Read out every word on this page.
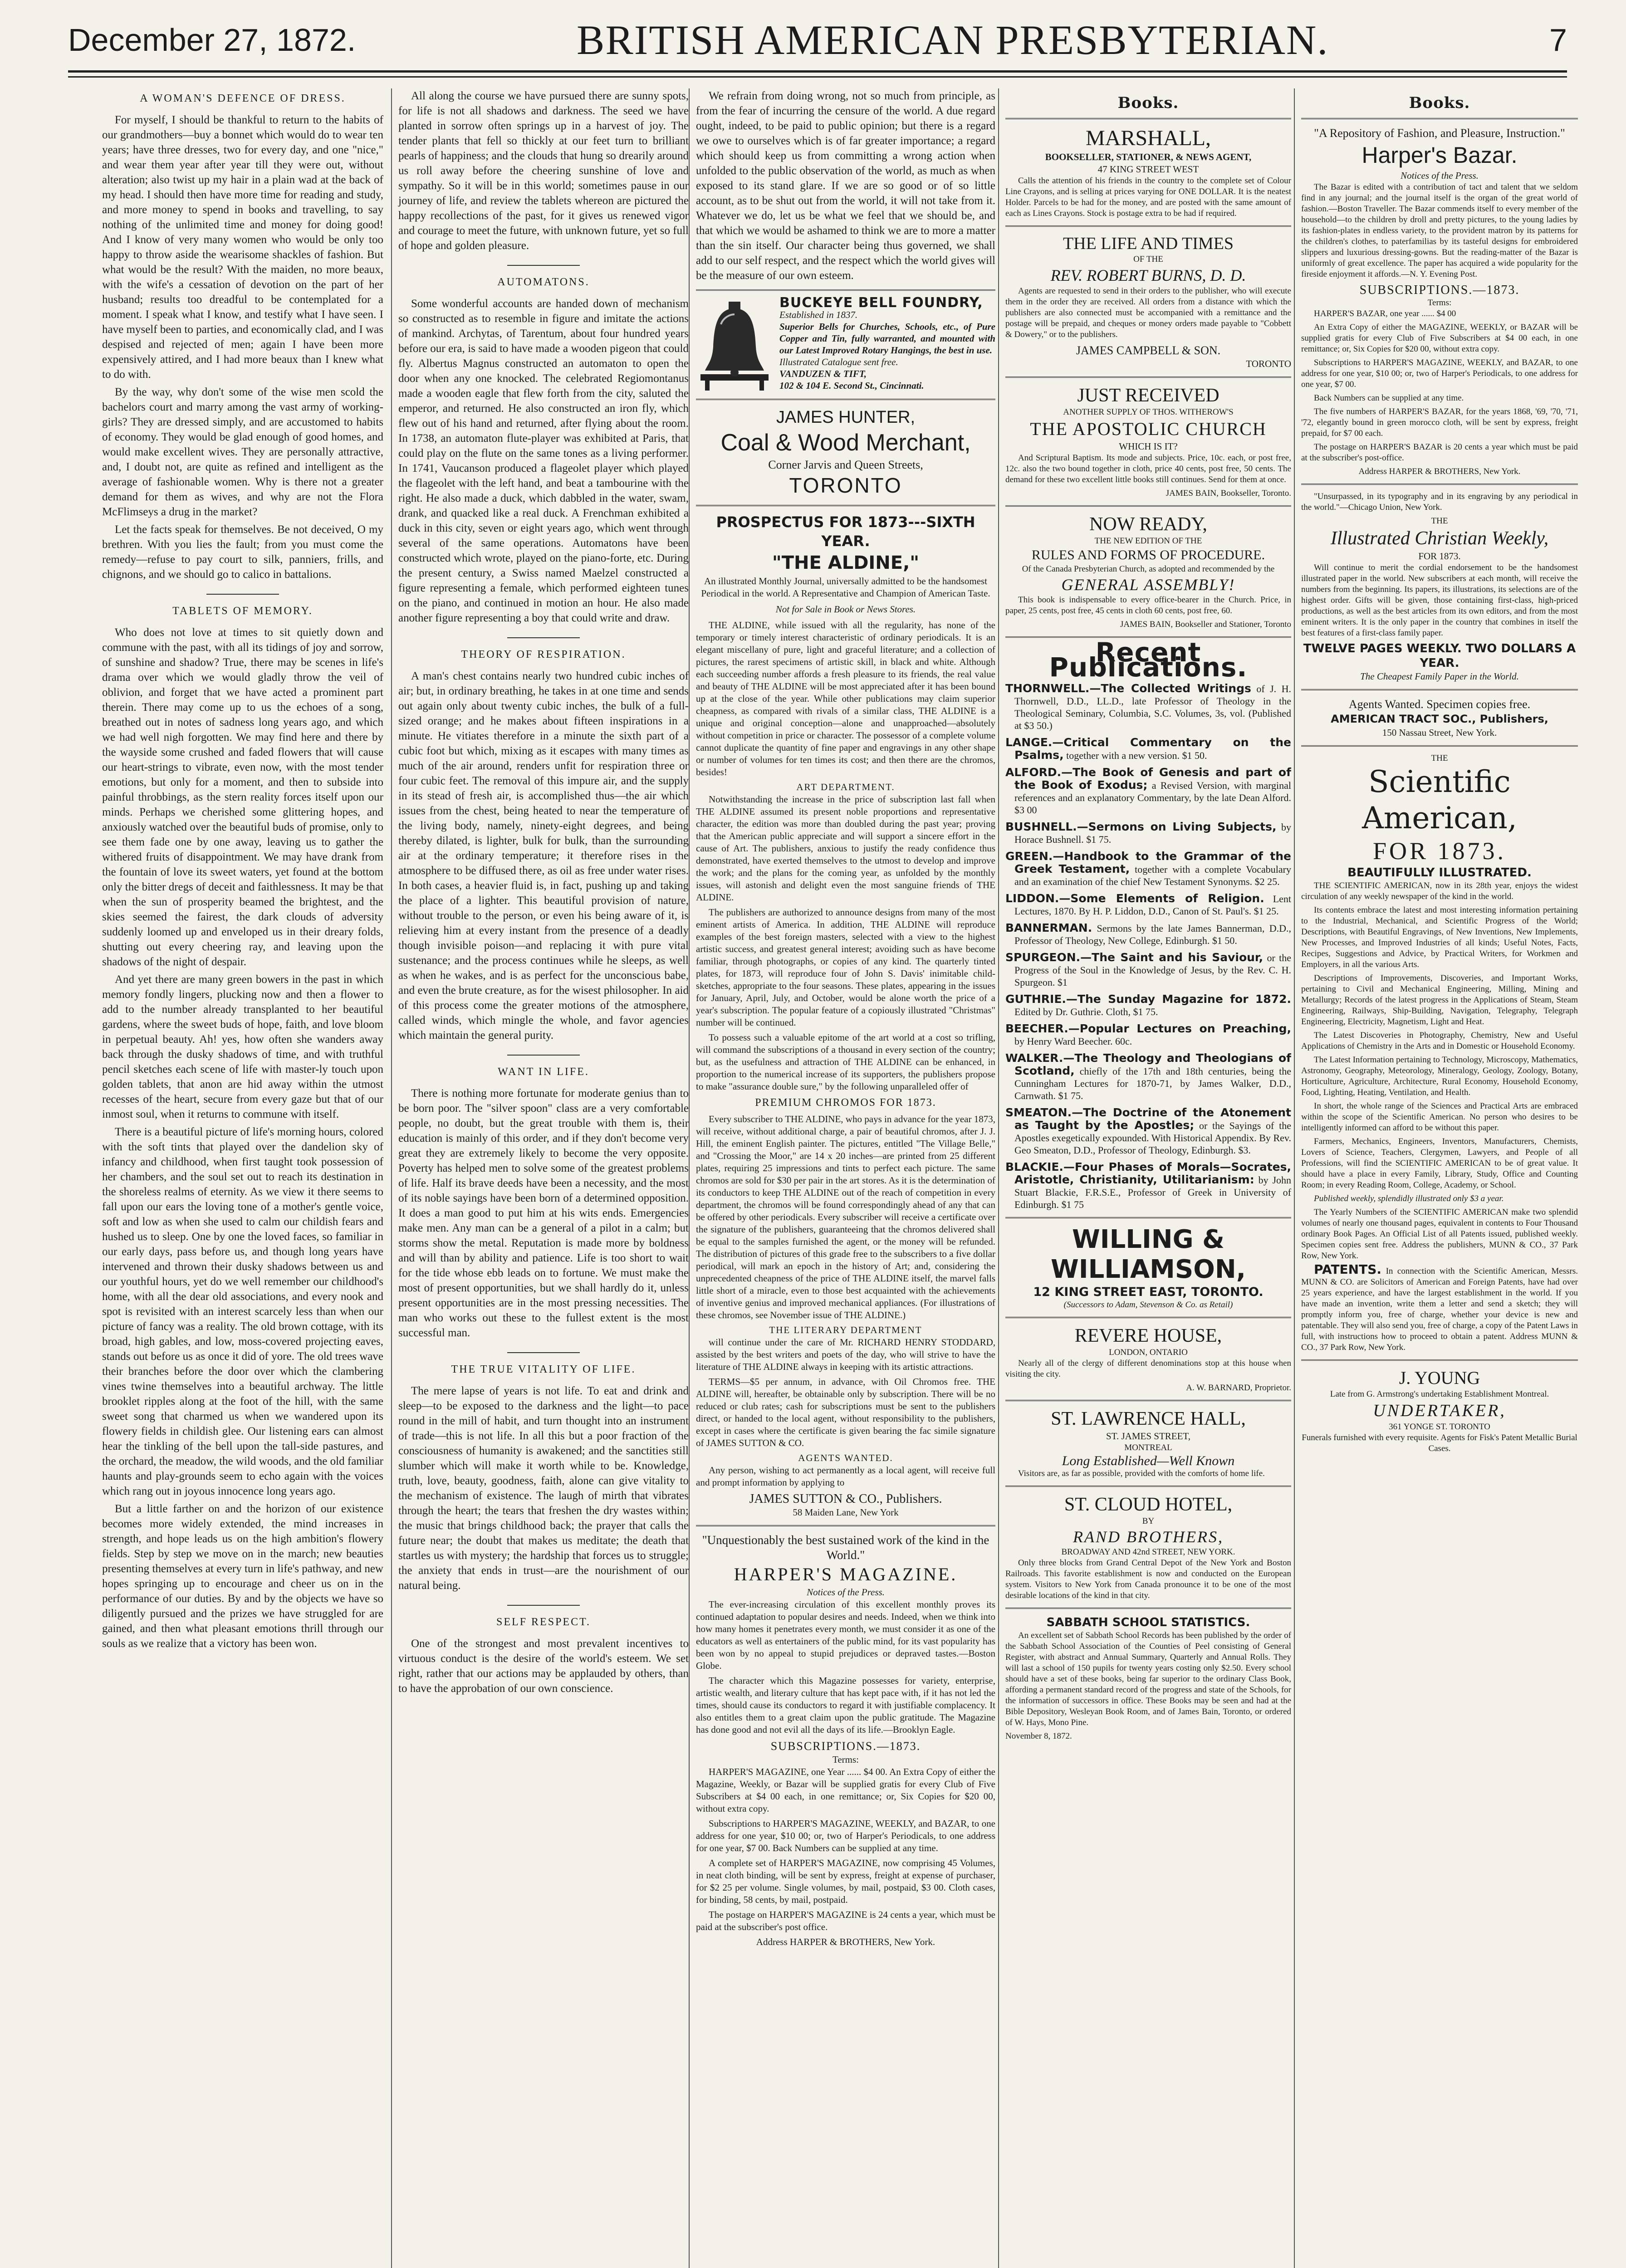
December 27, 1872.	BRITISH AMERICAN PRESBYTERIAN.	7
A WOMAN'S DEFENCE OF DRESS.

For myself, I should be thankful to return to the habits of our grandmothers—buy a bonnet which would do to wear ten years; have three dresses, two for every day, and one "nice," and wear them year after year till they were out, without alteration; also twist up my hair in a plain wad at the back of my head. I should then have more time for reading and study, and more money to spend in books and travelling, to say nothing of the unlimited time and money for doing good! And I know of very many women who would be only too happy to throw aside the wearisome shackles of fashion. But what would be the result? With the maiden, no more beaux, with the wife's a cessation of devotion on the part of her husband; results too dreadful to be contemplated for a moment. I speak what I know, and testify what I have seen. I have myself been to parties, and economically clad, and I was despised and rejected of men; again I have been more expensively attired, and I had more beaux than I knew what to do with.

By the way, why don't some of the wise men scold the bachelors court and marry among the vast army of working-girls? They are dressed simply, and are accustomed to habits of economy. They would be glad enough of good homes, and would make excellent wives. They are personally attractive, and, I doubt not, are quite as refined and intelligent as the average of fashionable women. Why is there not a greater demand for them as wives, and why are not the Flora McFlimseys a drug in the market?

Let the facts speak for themselves. Be not deceived, O my brethren. With you lies the fault; from you must come the remedy—refuse to pay court to silk, panniers, frills, and chignons, and we should go to calico in battalions.

TABLETS OF MEMORY.

Who does not love at times to sit quietly down and commune with the past, with all its tidings of joy and sorrow, of sunshine and shadow? True, there may be scenes in life's drama over which we would gladly throw the veil of oblivion, and forget that we have acted a prominent part therein. There may come up to us the echoes of a song, breathed out in notes of sadness long years ago, and which we had well nigh forgotten. We may find here and there by the wayside some crushed and faded flowers that will cause our heart-strings to vibrate, even now, with the most tender emotions, but only for a moment, and then to subside into painful throbbings, as the stern reality forces itself upon our minds. Perhaps we cherished some glittering hopes, and anxiously watched over the beautiful buds of promise, only to see them fade one by one away, leaving us to gather the withered fruits of disappointment. We may have drank from the fountain of love its sweet waters, yet found at the bottom only the bitter dregs of deceit and faithlessness. It may be that when the sun of prosperity beamed the brightest, and the skies seemed the fairest, the dark clouds of adversity suddenly loomed up and enveloped us in their dreary folds, shutting out every cheering ray, and leaving upon the shadows of the night of despair.

And yet there are many green bowers in the past in which memory fondly lingers, plucking now and then a flower to add to the number already transplanted to her beautiful gardens, where the sweet buds of hope, faith, and love bloom in perpetual beauty. Ah! yes, how often she wanders away back through the dusky shadows of time, and with truthful pencil sketches each scene of life with master-ly touch upon golden tablets, that anon are hid away within the utmost recesses of the heart, secure from every gaze but that of our inmost soul, when it returns to commune with itself.

There is a beautiful picture of life's morning hours, colored with the soft tints that played over the dandelion sky of infancy and childhood, when first taught took possession of her chambers, and the soul set out to reach its destination in the shoreless realms of eternity. As we view it there seems to fall upon our ears the loving tone of a mother's gentle voice, soft and low as when she used to calm our childish fears and hushed us to sleep. One by one the loved faces, so familiar in our early days, pass before us, and though long years have intervened and thrown their dusky shadows between us and our youthful hours, yet do we well remember our childhood's home, with all the dear old associations, and every nook and spot is revisited with an interest scarcely less than when our picture of fancy was a reality. The old brown cottage, with its broad, high gables, and low, moss-covered projecting eaves, stands out before us as once it did of yore. The old trees wave their branches before the door over which the clambering vines twine themselves into a beautiful archway. The little brooklet ripples along at the foot of the hill, with the same sweet song that charmed us when we wandered upon its flowery fields in childish glee. Our listening ears can almost hear the tinkling of the bell upon the tall-side pastures, and the orchard, the meadow, the wild woods, and the old familiar haunts and play-grounds seem to echo again with the voices which rang out in joyous innocence long years ago.

But a little farther on and the horizon of our existence becomes more widely extended, the mind increases in strength, and hope leads us on the high ambition's flowery fields. Step by step we move on in the march; new beauties presenting themselves at every turn in life's pathway, and new hopes springing up to encourage and cheer us on in the performance of our duties. By and by the objects we have so diligently pursued and the prizes we have struggled for are gained, and then what pleasant emotions thrill through our souls as we realize that a victory has been won.

All along the course we have pursued there are sunny spots, for life is not all shadows and darkness. The seed we have planted in sorrow often springs up in a harvest of joy. The tender plants that fell so thickly at our feet turn to brilliant pearls of happiness; and the clouds that hung so drearily around us roll away before the cheering sunshine of love and sympathy. So it will be in this world; sometimes pause in our journey of life, and review the tablets whereon are pictured the happy recollections of the past, for it gives us renewed vigor and courage to meet the future, with unknown future, yet so full of hope and golden pleasure.

AUTOMATONS.

Some wonderful accounts are handed down of mechanism so constructed as to resemble in figure and imitate the actions of mankind. Archytas, of Tarentum, about four hundred years before our era, is said to have made a wooden pigeon that could fly. Albertus Magnus constructed an automaton to open the door when any one knocked. The celebrated Regiomontanus made a wooden eagle that flew forth from the city, saluted the emperor, and returned. He also constructed an iron fly, which flew out of his hand and returned, after flying about the room. In 1738, an automaton flute-player was exhibited at Paris, that could play on the flute on the same tones as a living performer. In 1741, Vaucanson produced a flageolet player which played the flageolet with the left hand, and beat a tambourine with the right. He also made a duck, which dabbled in the water, swam, drank, and quacked like a real duck. A Frenchman exhibited a duck in this city, seven or eight years ago, which went through several of the same operations. Automatons have been constructed which wrote, played on the piano-forte, etc. During the present century, a Swiss named Maelzel constructed a figure representing a female, which performed eighteen tunes on the piano, and continued in motion an hour. He also made another figure representing a boy that could write and draw.

THEORY OF RESPIRATION.

A man's chest contains nearly two hundred cubic inches of air; but, in ordinary breathing, he takes in at one time and sends out again only about twenty cubic inches, the bulk of a full-sized orange; and he makes about fifteen inspirations in a minute. He vitiates therefore in a minute the sixth part of a cubic foot but which, mixing as it escapes with many times as much of the air around, renders unfit for respiration three or four cubic feet. The removal of this impure air, and the supply in its stead of fresh air, is accomplished thus—the air which issues from the chest, being heated to near the temperature of the living body, namely, ninety-eight degrees, and being thereby dilated, is lighter, bulk for bulk, than the surrounding air at the ordinary temperature; it therefore rises in the atmosphere to be diffused there, as oil as free under water rises. In both cases, a heavier fluid is, in fact, pushing up and taking the place of a lighter. This beautiful provision of nature, without trouble to the person, or even his being aware of it, is relieving him at every instant from the presence of a deadly though invisible poison—and replacing it with pure vital sustenance; and the process continues while he sleeps, as well as when he wakes, and is as perfect for the unconscious babe, and even the brute creature, as for the wisest philosopher. In aid of this process come the greater motions of the atmosphere, called winds, which mingle the whole, and favor agencies which maintain the general purity.

WANT IN LIFE.

There is nothing more fortunate for moderate genius than to be born poor. The "silver spoon" class are a very comfortable people, no doubt, but the great trouble with them is, their education is mainly of this order, and if they don't become very great they are extremely likely to become the very opposite. Poverty has helped men to solve some of the greatest problems of life. Half its brave deeds have been a necessity, and the most of its noble sayings have been born of a determined opposition. It does a man good to put him at his wits ends. Emergencies make men. Any man can be a general of a pilot in a calm; but storms show the metal. Reputation is made more by boldness and will than by ability and patience. Life is too short to wait for the tide whose ebb leads on to fortune. We must make the most of present opportunities, but we shall hardly do it, unless present opportunities are in the most pressing necessities. The man who works out these to the fullest extent is the most successful man.

THE TRUE VITALITY OF LIFE.

The mere lapse of years is not life. To eat and drink and sleep—to be exposed to the darkness and the light—to pace round in the mill of habit, and turn thought into an instrument of trade—this is not life. In all this but a poor fraction of the consciousness of humanity is awakened; and the sanctities still slumber which will make it worth while to be. Knowledge, truth, love, beauty, goodness, faith, alone can give vitality to the mechanism of existence. The laugh of mirth that vibrates through the heart; the tears that freshen the dry wastes within; the music that brings childhood back; the prayer that calls the future near; the doubt that makes us meditate; the death that startles us with mystery; the hardship that forces us to struggle; the anxiety that ends in trust—are the nourishment of our natural being.

SELF RESPECT.

One of the strongest and most prevalent incentives to virtuous conduct is the desire of the world's esteem. We set right, rather that our actions may be applauded by others, than to have the approbation of our own conscience.

We refrain from doing wrong, not so much from principle, as from the fear of incurring the censure of the world. A due regard ought, indeed, to be paid to public opinion; but there is a regard we owe to ourselves which is of far greater importance; a regard which should keep us from committing a wrong action when unfolded to the public observation of the world, as much as when exposed to its stand glare. If we are so good or of so little account, as to be shut out from the world, it will not take from it. Whatever we do, let us be what we feel that we should be, and that which we would be ashamed to think we are to more a matter than the sin itself. Our character being thus governed, we shall add to our self respect, and the respect which the world gives will be the measure of our own esteem.

BUCKEYE BELL FOUNDRY,
Established in 1837.
Superior Bells for Churches, Schools, etc., of Pure Copper and Tin, fully warranted, and mounted with our Latest Improved Rotary Hangings, the best in use.
Illustrated Catalogue sent free.
VANDUZEN & TIFT,
102 & 104 E. Second St., Cincinnati.
JAMES HUNTER,
Coal & Wood Merchant,
Corner Jarvis and Queen Streets,
TORONTO
PROSPECTUS FOR 1873---SIXTH YEAR.
"THE ALDINE,"
An illustrated Monthly Journal, universally admitted to be the handsomest Periodical in the world. A Representative and Champion of American Taste.
Not for Sale in Book or News Stores.

THE ALDINE, while issued with all the regularity, has none of the temporary or timely interest characteristic of ordinary periodicals. It is an elegant miscellany of pure, light and graceful literature; and a collection of pictures, the rarest specimens of artistic skill, in black and white. Although each succeeding number affords a fresh pleasure to its friends, the real value and beauty of THE ALDINE will be most appreciated after it has been bound up at the close of the year. While other publications may claim superior cheapness, as compared with rivals of a similar class, THE ALDINE is a unique and original conception—alone and unapproached—absolutely without competition in price or character. The possessor of a complete volume cannot duplicate the quantity of fine paper and engravings in any other shape or number of volumes for ten times its cost; and then there are the chromos, besides!

ART DEPARTMENT.

Notwithstanding the increase in the price of subscription last fall when THE ALDINE assumed its present noble proportions and representative character, the edition was more than doubled during the past year; proving that the American public appreciate and will support a sincere effort in the cause of Art. The publishers, anxious to justify the ready confidence thus demonstrated, have exerted themselves to the utmost to develop and improve the work; and the plans for the coming year, as unfolded by the monthly issues, will astonish and delight even the most sanguine friends of THE ALDINE.

The publishers are authorized to announce designs from many of the most eminent artists of America. In addition, THE ALDINE will reproduce examples of the best foreign masters, selected with a view to the highest artistic success, and greatest general interest; avoiding such as have become familiar, through photographs, or copies of any kind. The quarterly tinted plates, for 1873, will reproduce four of John S. Davis' inimitable child-sketches, appropriate to the four seasons. These plates, appearing in the issues for January, April, July, and October, would be alone worth the price of a year's subscription. The popular feature of a copiously illustrated "Christmas" number will be continued.

To possess such a valuable epitome of the art world at a cost so trifling, will command the subscriptions of a thousand in every section of the country; but, as the usefulness and attraction of THE ALDINE can be enhanced, in proportion to the numerical increase of its supporters, the publishers propose to make "assurance double sure," by the following unparalleled offer of

PREMIUM CHROMOS FOR 1873.

Every subscriber to THE ALDINE, who pays in advance for the year 1873, will receive, without additional charge, a pair of beautiful chromos, after J. J. Hill, the eminent English painter. The pictures, entitled "The Village Belle," and "Crossing the Moor," are 14 x 20 inches—are printed from 25 different plates, requiring 25 impressions and tints to perfect each picture. The same chromos are sold for $30 per pair in the art stores. As it is the determination of its conductors to keep THE ALDINE out of the reach of competition in every department, the chromos will be found correspondingly ahead of any that can be offered by other periodicals. Every subscriber will receive a certificate over the signature of the publishers, guaranteeing that the chromos delivered shall be equal to the samples furnished the agent, or the money will be refunded. The distribution of pictures of this grade free to the subscribers to a five dollar periodical, will mark an epoch in the history of Art; and, considering the unprecedented cheapness of the price of THE ALDINE itself, the marvel falls little short of a miracle, even to those best acquainted with the achievements of inventive genius and improved mechanical appliances. (For illustrations of these chromos, see November issue of THE ALDINE.)

THE LITERARY DEPARTMENT

will continue under the care of Mr. RICHARD HENRY STODDARD, assisted by the best writers and poets of the day, who will strive to have the literature of THE ALDINE always in keeping with its artistic attractions.

TERMS—$5 per annum, in advance, with Oil Chromos free. THE ALDINE will, hereafter, be obtainable only by subscription. There will be no reduced or club rates; cash for subscriptions must be sent to the publishers direct, or handed to the local agent, without responsibility to the publishers, except in cases where the certificate is given bearing the fac simile signature of JAMES SUTTON & CO.

AGENTS WANTED.

Any person, wishing to act permanently as a local agent, will receive full and prompt information by applying to

JAMES SUTTON & CO., Publishers.
58 Maiden Lane, New York
"Unquestionably the best sustained work of the kind in the World."
HARPER'S MAGAZINE.
Notices of the Press.

The ever-increasing circulation of this excellent monthly proves its continued adaptation to popular desires and needs. Indeed, when we think into how many homes it penetrates every month, we must consider it as one of the educators as well as entertainers of the public mind, for its vast popularity has been won by no appeal to stupid prejudices or depraved tastes.—Boston Globe.

The character which this Magazine possesses for variety, enterprise, artistic wealth, and literary culture that has kept pace with, if it has not led the times, should cause its conductors to regard it with justifiable complacency. It also entitles them to a great claim upon the public gratitude. The Magazine has done good and not evil all the days of its life.—Brooklyn Eagle.

SUBSCRIPTIONS.—1873.
Terms:

HARPER'S MAGAZINE, one Year ...... $4 00. An Extra Copy of either the Magazine, Weekly, or Bazar will be supplied gratis for every Club of Five Subscribers at $4 00 each, in one remittance; or, Six Copies for $20 00, without extra copy.

Subscriptions to HARPER'S MAGAZINE, WEEKLY, and BAZAR, to one address for one year, $10 00; or, two of Harper's Periodicals, to one address for one year, $7 00. Back Numbers can be supplied at any time.

A complete set of HARPER'S MAGAZINE, now comprising 45 Volumes, in neat cloth binding, will be sent by express, freight at expense of purchaser, for $2 25 per volume. Single volumes, by mail, postpaid, $3 00. Cloth cases, for binding, 58 cents, by mail, postpaid.

The postage on HARPER'S MAGAZINE is 24 cents a year, which must be paid at the subscriber's post office.

Address HARPER & BROTHERS, New York.
Books.
MARSHALL,
BOOKSELLER, STATIONER, & NEWS AGENT,
47 KING STREET WEST

Calls the attention of his friends in the country to the complete set of Colour Line Crayons, and is selling at prices varying for ONE DOLLAR. It is the neatest Holder. Parcels to be had for the money, and are posted with the same amount of each as Lines Crayons. Stock is postage extra to be had if required.

THE LIFE AND TIMES
OF THE
REV. ROBERT BURNS, D. D.

Agents are requested to send in their orders to the publisher, who will execute them in the order they are received. All orders from a distance with which the publishers are also connected must be accompanied with a remittance and the postage will be prepaid, and cheques or money orders made payable to "Cobbett & Dowery," or to the publishers.

JAMES CAMPBELL & SON.
TORONTO
JUST RECEIVED
ANOTHER SUPPLY OF THOS. WITHEROW'S
THE APOSTOLIC CHURCH
WHICH IS IT?

And Scriptural Baptism. Its mode and subjects. Price, 10c. each, or post free, 12c. also the two bound together in cloth, price 40 cents, post free, 50 cents. The demand for these two excellent little books still continues. Send for them at once.

JAMES BAIN, Bookseller, Toronto.
NOW READY,
THE NEW EDITION OF THE
RULES AND FORMS OF PROCEDURE.
Of the Canada Presbyterian Church, as adopted and recommended by the
GENERAL ASSEMBLY!

This book is indispensable to every office-bearer in the Church. Price, in paper, 25 cents, post free, 45 cents in cloth 60 cents, post free, 60.

JAMES BAIN, Bookseller and Stationer, Toronto
Recent Publications.
THORNWELL.—The Collected Writings of J. H. Thornwell, D.D., LL.D., late Professor of Theology in the Theological Seminary, Columbia, S.C. Volumes, 3s, vol. (Published at $3 50.)
LANGE.—Critical Commentary on the Psalms, together with a new version. $1 50.
ALFORD.—The Book of Genesis and part of the Book of Exodus; a Revised Version, with marginal references and an explanatory Commentary, by the late Dean Alford. $3 00
BUSHNELL.—Sermons on Living Subjects, by Horace Bushnell. $1 75.
GREEN.—Handbook to the Grammar of the Greek Testament, together with a complete Vocabulary and an examination of the chief New Testament Synonyms. $2 25.
LIDDON.—Some Elements of Religion. Lent Lectures, 1870. By H. P. Liddon, D.D., Canon of St. Paul's. $1 25.
BANNERMAN. Sermons by the late James Bannerman, D.D., Professor of Theology, New College, Edinburgh. $1 50.
SPURGEON.—The Saint and his Saviour, or the Progress of the Soul in the Knowledge of Jesus, by the Rev. C. H. Spurgeon. $1
GUTHRIE.—The Sunday Magazine for 1872. Edited by Dr. Guthrie. Cloth, $1 75.
BEECHER.—Popular Lectures on Preaching, by Henry Ward Beecher. 60c.
WALKER.—The Theology and Theologians of Scotland, chiefly of the 17th and 18th centuries, being the Cunningham Lectures for 1870-71, by James Walker, D.D., Carnwath. $1 75.
SMEATON.—The Doctrine of the Atonement as Taught by the Apostles; or the Sayings of the Apostles exegetically expounded. With Historical Appendix. By Rev. Geo Smeaton, D.D., Professor of Theology, Edinburgh. $3.
BLACKIE.—Four Phases of Morals—Socrates, Aristotle, Christianity, Utilitarianism: by John Stuart Blackie, F.R.S.E., Professor of Greek in University of Edinburgh. $1 75
WILLING & WILLIAMSON,
12 KING STREET EAST, TORONTO.
(Successors to Adam, Stevenson & Co. as Retail)
REVERE HOUSE,
LONDON, ONTARIO

Nearly all of the clergy of different denominations stop at this house when visiting the city.

A. W. BARNARD, Proprietor.
ST. LAWRENCE HALL,
ST. JAMES STREET,
MONTREAL
Long Established—Well Known

Visitors are, as far as possible, provided with the comforts of home life.

ST. CLOUD HOTEL,
BY
RAND BROTHERS,
BROADWAY AND 42nd STREET, NEW YORK.

Only three blocks from Grand Central Depot of the New York and Boston Railroads. This favorite establishment is now and conducted on the European system. Visitors to New York from Canada pronounce it to be one of the most desirable locations of the kind in that city.

SABBATH SCHOOL STATISTICS.

An excellent set of Sabbath School Records has been published by the order of the Sabbath School Association of the Counties of Peel consisting of General Register, with abstract and Annual Summary, Quarterly and Annual Rolls. They will last a school of 150 pupils for twenty years costing only $2.50. Every school should have a set of these books, being far superior to the ordinary Class Book, affording a permanent standard record of the progress and state of the Schools, for the information of successors in office. These Books may be seen and had at the Bible Depository, Wesleyan Book Room, and of James Bain, Toronto, or ordered of W. Hays, Mono Pine.

November 8, 1872.
Books.
"A Repository of Fashion, and Pleasure, Instruction."
Harper's Bazar.
Notices of the Press.

The Bazar is edited with a contribution of tact and talent that we seldom find in any journal; and the journal itself is the organ of the great world of fashion.—Boston Traveller. The Bazar commends itself to every member of the household—to the children by droll and pretty pictures, to the young ladies by its fashion-plates in endless variety, to the provident matron by its patterns for the children's clothes, to paterfamilias by its tasteful designs for embroidered slippers and luxurious dressing-gowns. But the reading-matter of the Bazar is uniformly of great excellence. The paper has acquired a wide popularity for the fireside enjoyment it affords.—N. Y. Evening Post.

SUBSCRIPTIONS.—1873.
Terms:

HARPER'S BAZAR, one year ...... $4 00

An Extra Copy of either the MAGAZINE, WEEKLY, or BAZAR will be supplied gratis for every Club of Five Subscribers at $4 00 each, in one remittance; or, Six Copies for $20 00, without extra copy.

Subscriptions to HARPER'S MAGAZINE, WEEKLY, and BAZAR, to one address for one year, $10 00; or, two of Harper's Periodicals, to one address for one year, $7 00.

Back Numbers can be supplied at any time.

The five numbers of HARPER'S BAZAR, for the years 1868, '69, '70, '71, '72, elegantly bound in green morocco cloth, will be sent by express, freight prepaid, for $7 00 each.

The postage on HARPER'S BAZAR is 20 cents a year which must be paid at the subscriber's post-office.

Address HARPER & BROTHERS, New York.

"Unsurpassed, in its typography and in its engraving by any periodical in the world."—Chicago Union, New York.

THE
Illustrated Christian Weekly,
FOR 1873.

Will continue to merit the cordial endorsement to be the handsomest illustrated paper in the world. New subscribers at each month, will receive the numbers from the beginning. Its papers, its illustrations, its selections are of the highest order. Gifts will be given, those containing first-class, high-priced productions, as well as the best articles from its own editors, and from the most eminent writers. It is the only paper in the country that combines in itself the best features of a first-class family paper.

TWELVE PAGES WEEKLY. TWO DOLLARS A YEAR.
The Cheapest Family Paper in the World.
Agents Wanted. Specimen copies free.
AMERICAN TRACT SOC., Publishers,
150 Nassau Street, New York.
THE
Scientific American,
FOR 1873.
BEAUTIFULLY ILLUSTRATED.

THE SCIENTIFIC AMERICAN, now in its 28th year, enjoys the widest circulation of any weekly newspaper of the kind in the world.

Its contents embrace the latest and most interesting information pertaining to the Industrial, Mechanical, and Scientific Progress of the World; Descriptions, with Beautiful Engravings, of New Inventions, New Implements, New Processes, and Improved Industries of all kinds; Useful Notes, Facts, Recipes, Suggestions and Advice, by Practical Writers, for Workmen and Employers, in all the various Arts.

Descriptions of Improvements, Discoveries, and Important Works, pertaining to Civil and Mechanical Engineering, Milling, Mining and Metallurgy; Records of the latest progress in the Applications of Steam, Steam Engineering, Railways, Ship-Building, Navigation, Telegraphy, Telegraph Engineering, Electricity, Magnetism, Light and Heat.

The Latest Discoveries in Photography, Chemistry, New and Useful Applications of Chemistry in the Arts and in Domestic or Household Economy.

The Latest Information pertaining to Technology, Microscopy, Mathematics, Astronomy, Geography, Meteorology, Mineralogy, Geology, Zoology, Botany, Horticulture, Agriculture, Architecture, Rural Economy, Household Economy, Food, Lighting, Heating, Ventilation, and Health.

In short, the whole range of the Sciences and Practical Arts are embraced within the scope of the Scientific American. No person who desires to be intelligently informed can afford to be without this paper.

Farmers, Mechanics, Engineers, Inventors, Manufacturers, Chemists, Lovers of Science, Teachers, Clergymen, Lawyers, and People of all Professions, will find the SCIENTIFIC AMERICAN to be of great value. It should have a place in every Family, Library, Study, Office and Counting Room; in every Reading Room, College, Academy, or School.

Published weekly, splendidly illustrated only $3 a year.

The Yearly Numbers of the SCIENTIFIC AMERICAN make two splendid volumes of nearly one thousand pages, equivalent in contents to Four Thousand ordinary Book Pages. An Official List of all Patents issued, published weekly. Specimen copies sent free. Address the publishers, MUNN & CO., 37 Park Row, New York.

PATENTS. In connection with the Scientific American, Messrs. MUNN & CO. are Solicitors of American and Foreign Patents, have had over 25 years experience, and have the largest establishment in the world. If you have made an invention, write them a letter and send a sketch; they will promptly inform you, free of charge, whether your device is new and patentable. They will also send you, free of charge, a copy of the Patent Laws in full, with instructions how to proceed to obtain a patent. Address MUNN & CO., 37 Park Row, New York.

J. YOUNG
Late from G. Armstrong's undertaking Establishment Montreal.
UNDERTAKER,
361 YONGE ST. TORONTO
Funerals furnished with every requisite. Agents for Fisk's Patent Metallic Burial Cases.
